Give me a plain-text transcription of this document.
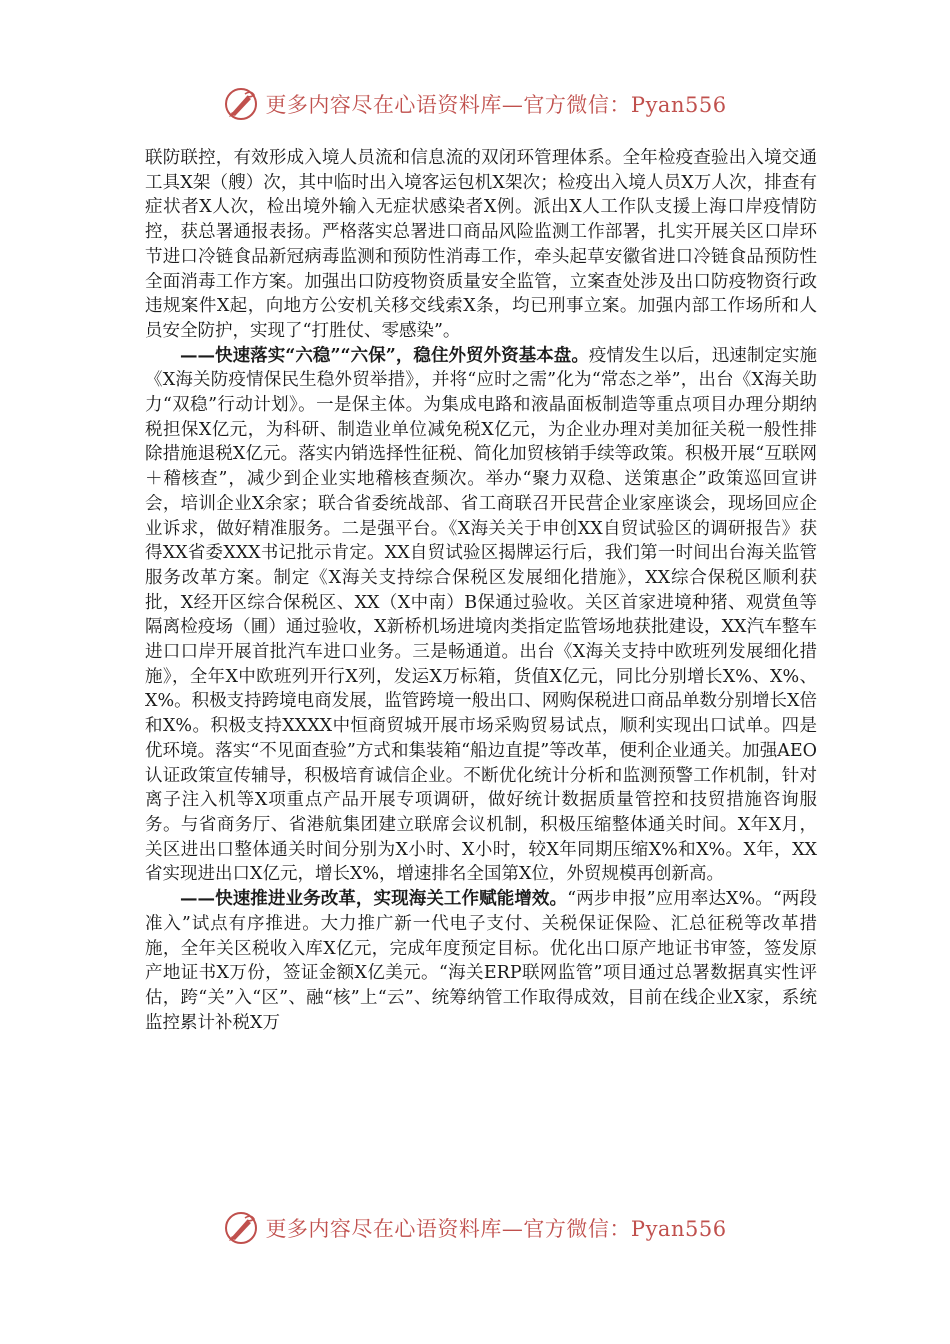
更多内容尽在心语资料库—官方微信：Pyan556

联防联控，有效形成入境人员流和信息流的双闭环管理体系。全年检疫查验出入境交通工具X架（艘）次，其中临时出入境客运包机X架次；检疫出入境人员X万人次，排查有症状者X人次，检出境外输入无症状感染者X例。派出X人工作队支援上海口岸疫情防控，获总署通报表扬。严格落实总署进口商品风险监测工作部署，扎实开展关区口岸环节进口冷链食品新冠病毒监测和预防性消毒工作，牵头起草安徽省进口冷链食品预防性全面消毒工作方案。加强出口防疫物资质量安全监管，立案查处涉及出口防疫物资行政违规案件X起，向地方公安机关移交线索X条，均已刑事立案。加强内部工作场所和人员安全防护，实现了“打胜仗、零感染”。

——快速落实“六稳”“六保”，稳住外贸外资基本盘。疫情发生以后，迅速制定实施《X海关防疫情保民生稳外贸举措》，并将“应时之需”化为“常态之举”，出台《X海关助力“双稳”行动计划》。一是保主体。为集成电路和液晶面板制造等重点项目办理分期纳税担保X亿元，为科研、制造业单位减免税X亿元，为企业办理对美加征关税一般性排除措施退税X亿元。落实内销选择性征税、简化加贸核销手续等政策。积极开展“互联网＋稽核查”，减少到企业实地稽核查频次。举办“聚力双稳、送策惠企”政策巡回宣讲会，培训企业X余家；联合省委统战部、省工商联召开民营企业家座谈会，现场回应企业诉求，做好精准服务。二是强平台。《X海关关于申创XX自贸试验区的调研报告》获得XX省委XXX书记批示肯定。XX自贸试验区揭牌运行后，我们第一时间出台海关监管服务改革方案。制定《X海关支持综合保税区发展细化措施》，XX综合保税区顺利获批，X经开区综合保税区、XX（X中南）B保通过验收。关区首家进境种猪、观赏鱼等隔离检疫场（圃）通过验收，X新桥机场进境肉类指定监管场地获批建设，XX汽车整车进口口岸开展首批汽车进口业务。三是畅通道。出台《X海关支持中欧班列发展细化措施》，全年X中欧班列开行X列，发运X万标箱，货值X亿元，同比分别增长X%、X%、X%。积极支持跨境电商发展，监管跨境一般出口、网购保税进口商品单数分别增长X倍和X%。积极支持XXXX中恒商贸城开展市场采购贸易试点，顺利实现出口试单。四是优环境。落实“不见面查验”方式和集装箱“船边直提”等改革，便利企业通关。加强AEO认证政策宣传辅导，积极培育诚信企业。不断优化统计分析和监测预警工作机制，针对离子注入机等X项重点产品开展专项调研，做好统计数据质量管控和技贸措施咨询服务。与省商务厅、省港航集团建立联席会议机制，积极压缩整体通关时间。X年X月，关区进出口整体通关时间分别为X小时、X小时，较X年同期压缩X%和X%。X年，XX省实现进出口X亿元，增长X%，增速排名全国第X位，外贸规模再创新高。

——快速推进业务改革，实现海关工作赋能增效。“两步申报”应用率达X%。“两段准入”试点有序推进。大力推广新一代电子支付、关税保证保险、汇总征税等改革措施，全年关区税收入库X亿元，完成年度预定目标。优化出口原产地证书审签，签发原产地证书X万份，签证金额X亿美元。“海关ERP联网监管”项目通过总署数据真实性评估，跨“关”入“区”、融“核”上“云”、统筹纳管工作取得成效，目前在线企业X家，系统监控累计补税X万

更多内容尽在心语资料库—官方微信：Pyan556
